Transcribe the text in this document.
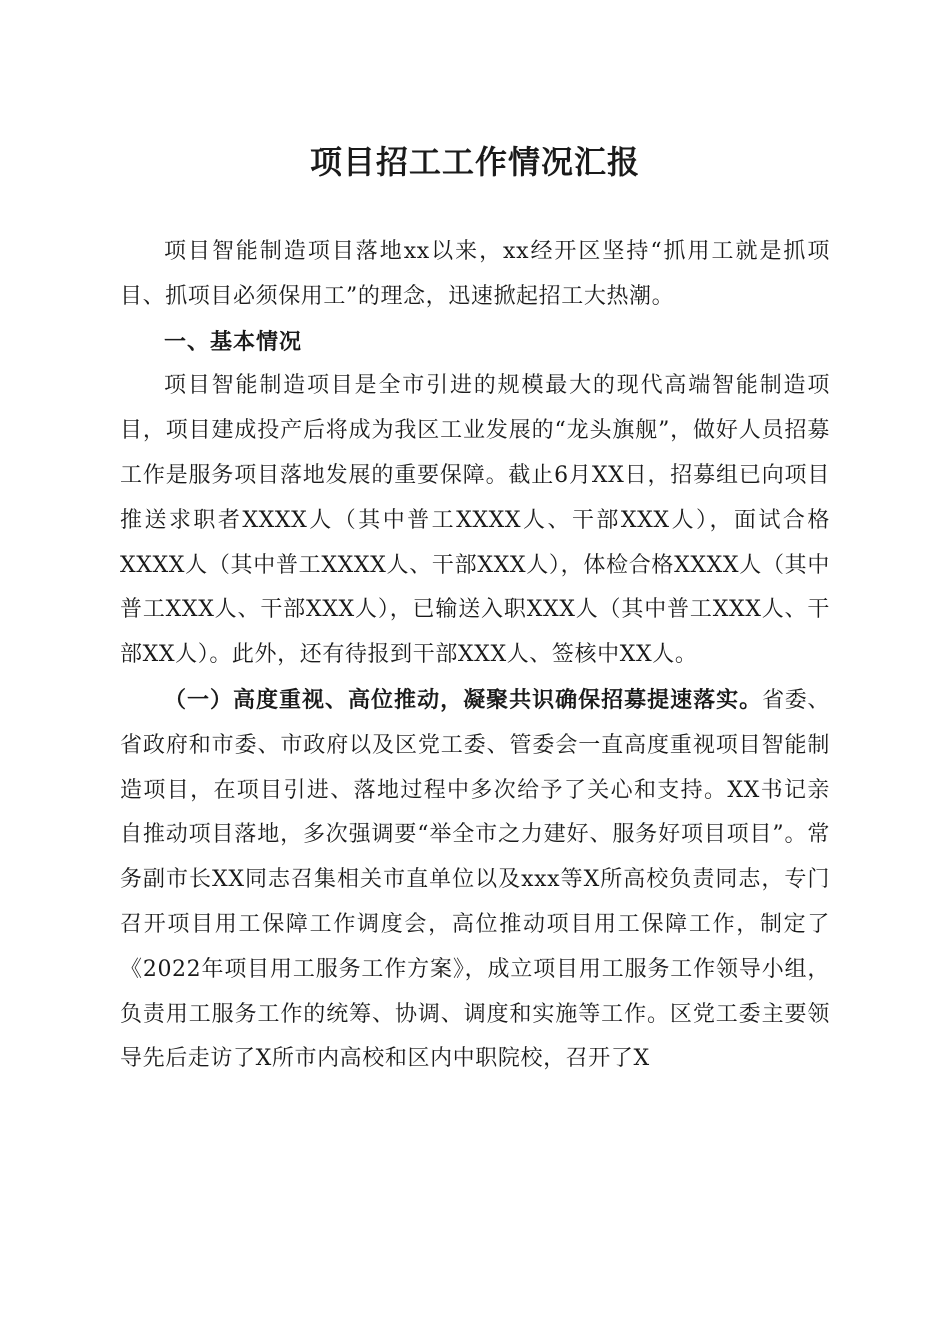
项目招工工作情况汇报

项目智能制造项目落地xx以来，xx经开区坚持“抓用工就是抓项目、抓项目必须保用工”的理念，迅速掀起招工大热潮。

一、基本情况

项目智能制造项目是全市引进的规模最大的现代高端智能制造项目，项目建成投产后将成为我区工业发展的“龙头旗舰”，做好人员招募工作是服务项目落地发展的重要保障。截止6月XX日，招募组已向项目推送求职者XXXX人（其中普工XXXX人、干部XXX人），面试合格XXXX人（其中普工XXXX人、干部XXX人），体检合格XXXX人（其中普工XXX人、干部XXX人），已输送入职XXX人（其中普工XXX人、干部XX人）。此外，还有待报到干部XXX人、签核中XX人。

（一）高度重视、高位推动，凝聚共识确保招募提速落实。省委、省政府和市委、市政府以及区党工委、管委会一直高度重视项目智能制造项目，在项目引进、落地过程中多次给予了关心和支持。XX书记亲自推动项目落地，多次强调要“举全市之力建好、服务好项目项目”。常务副市长XX同志召集相关市直单位以及xxx等X所高校负责同志，专门召开项目用工保障工作调度会，高位推动项目用工保障工作，制定了《2022年项目用工服务工作方案》，成立项目用工服务工作领导小组，负责用工服务工作的统筹、协调、调度和实施等工作。区党工委主要领导先后走访了X所市内高校和区内中职院校，召开了X
